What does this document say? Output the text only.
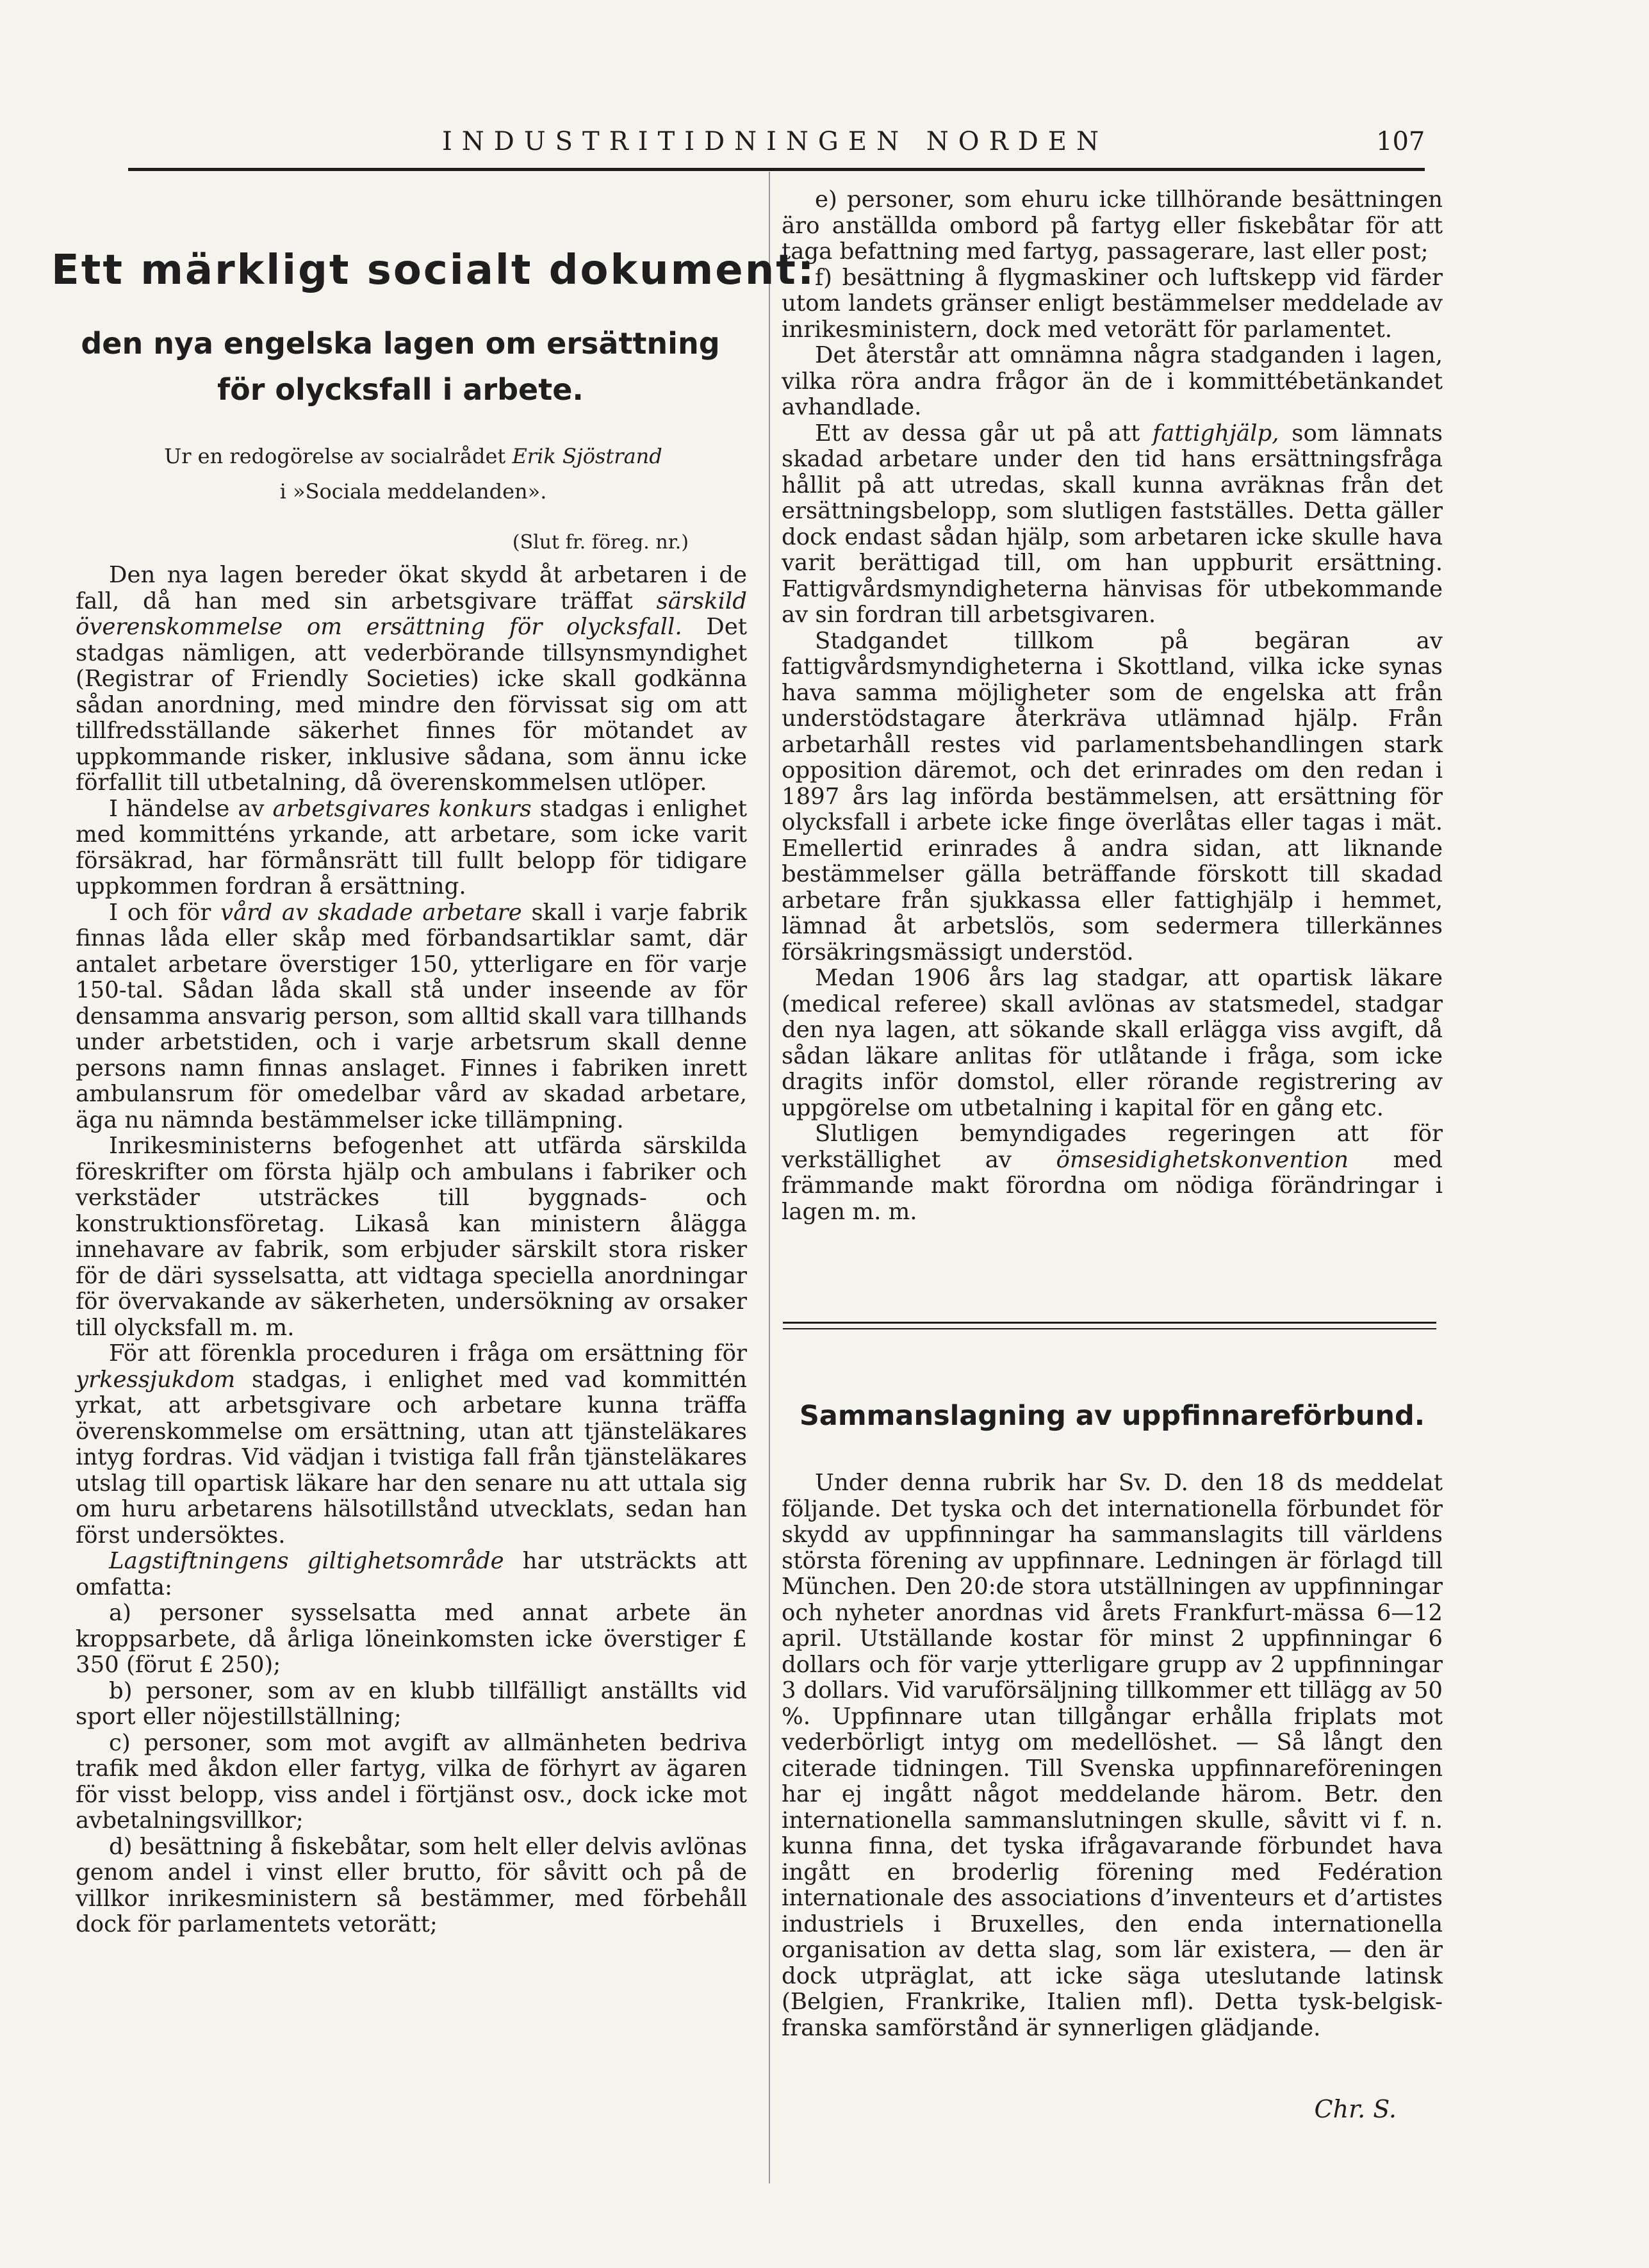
INDUSTRITIDNINGEN NORDEN	107
Ett märkligt socialt dokument:
den nya engelska lagen om ersättning
för olycksfall i arbete.
Ur en redogörelse av socialrådet Erik Sjöstrand
i »Sociala meddelanden».
(Slut fr. föreg. nr.)

Den nya lagen bereder ökat skydd åt arbetaren i de fall, då han med sin arbetsgivare träffat särskild överenskommelse om ersättning för olycksfall. Det stadgas nämligen, att vederbörande tillsynsmyndighet (Registrar of Friendly Societies) icke skall godkänna sådan anordning, med mindre den förvissat sig om att tillfredsställande säkerhet finnes för mötandet av uppkommande risker, inklusive sådana, som ännu icke förfallit till utbetalning, då överenskommelsen utlöper.

I händelse av arbetsgivares konkurs stadgas i enlighet med kommitténs yrkande, att arbetare, som icke varit försäkrad, har förmånsrätt till fullt belopp för tidigare uppkommen fordran å ersättning.

I och för vård av skadade arbetare skall i varje fabrik finnas låda eller skåp med förbandsartiklar samt, där antalet arbetare överstiger 150, ytterligare en för varje 150-tal. Sådan låda skall stå under inseende av för densamma ansvarig person, som alltid skall vara tillhands under arbetstiden, och i varje arbetsrum skall denne persons namn finnas anslaget. Finnes i fabriken inrett ambulansrum för omedelbar vård av skadad arbetare, äga nu nämnda bestämmelser icke tillämpning.

Inrikesministerns befogenhet att utfärda särskilda föreskrifter om första hjälp och ambulans i fabriker och verkstäder utsträckes till byggnads- och konstruktionsföretag. Likaså kan ministern ålägga innehavare av fabrik, som erbjuder särskilt stora risker för de däri sysselsatta, att vidtaga speciella anordningar för övervakande av säkerheten, undersökning av orsaker till olycksfall m. m.

För att förenkla proceduren i fråga om ersättning för yrkessjukdom stadgas, i enlighet med vad kommittén yrkat, att arbetsgivare och arbetare kunna träffa överenskommelse om ersättning, utan att tjänsteläkares intyg fordras. Vid vädjan i tvistiga fall från tjänsteläkares utslag till opartisk läkare har den senare nu att uttala sig om huru arbetarens hälsotillstånd utvecklats, sedan han först undersöktes.

Lagstiftningens giltighetsområde har utsträckts att omfatta:

a) personer sysselsatta med annat arbete än kroppsarbete, då årliga löneinkomsten icke överstiger £ 350 (förut £ 250);

b) personer, som av en klubb tillfälligt anställts vid sport eller nöjestillställning;

c) personer, som mot avgift av allmänheten bedriva trafik med åkdon eller fartyg, vilka de förhyrt av ägaren för visst belopp, viss andel i förtjänst osv., dock icke mot avbetalningsvillkor;

d) besättning å fiskebåtar, som helt eller delvis avlönas genom andel i vinst eller brutto, för såvitt och på de villkor inrikesministern så bestämmer, med förbehåll dock för parlamentets vetorätt;

e) personer, som ehuru icke tillhörande besättningen äro anställda ombord på fartyg eller fiskebåtar för att taga befattning med fartyg, passagerare, last eller post;

f) besättning å flygmaskiner och luftskepp vid färder utom landets gränser enligt bestämmelser meddelade av inrikesministern, dock med vetorätt för parlamentet.

Det återstår att omnämna några stadganden i lagen, vilka röra andra frågor än de i kommittébetänkandet avhandlade.

Ett av dessa går ut på att fattighjälp, som lämnats skadad arbetare under den tid hans ersättningsfråga hållit på att utredas, skall kunna avräknas från det ersättningsbelopp, som slutligen fastställes. Detta gäller dock endast sådan hjälp, som arbetaren icke skulle hava varit berättigad till, om han uppburit ersättning. Fattigvårdsmyndigheterna hänvisas för utbekommande av sin fordran till arbetsgivaren.

Stadgandet tillkom på begäran av fattigvårdsmyndigheterna i Skottland, vilka icke synas hava samma möjligheter som de engelska att från understödstagare återkräva utlämnad hjälp. Från arbetarhåll restes vid parlamentsbehandlingen stark opposition däremot, och det erinrades om den redan i 1897 års lag införda bestämmelsen, att ersättning för olycksfall i arbete icke finge överlåtas eller tagas i mät. Emellertid erinrades å andra sidan, att liknande bestämmelser gälla beträffande förskott till skadad arbetare från sjukkassa eller fattighjälp i hemmet, lämnad åt arbetslös, som sedermera tillerkännes försäkringsmässigt understöd.

Medan 1906 års lag stadgar, att opartisk läkare (medical referee) skall avlönas av statsmedel, stadgar den nya lagen, att sökande skall erlägga viss avgift, då sådan läkare anlitas för utlåtande i fråga, som icke dragits inför domstol, eller rörande registrering av uppgörelse om utbetalning i kapital för en gång etc.

Slutligen bemyndigades regeringen att för verkställighet av ömsesidighetskonvention med främmande makt förordna om nödiga förändringar i lagen m. m.

Sammanslagning av uppfinnareförbund.

Under denna rubrik har Sv. D. den 18 ds meddelat följande. Det tyska och det internationella förbundet för skydd av uppfinningar ha sammanslagits till världens största förening av uppfinnare. Ledningen är förlagd till München. Den 20:de stora utställningen av uppfinningar och nyheter anordnas vid årets Frankfurt-mässa 6—12 april. Utställande kostar för minst 2 uppfinningar 6 dollars och för varje ytterligare grupp av 2 uppfinningar 3 dollars. Vid varuförsäljning tillkommer ett tillägg av 50 %. Uppfinnare utan tillgångar erhålla friplats mot vederbörligt intyg om medellöshet. — Så långt den citerade tidningen. Till Svenska uppfinnareföreningen har ej ingått något meddelande härom. Betr. den internationella sammanslutningen skulle, såvitt vi f. n. kunna finna, det tyska ifrågavarande förbundet hava ingått en broderlig förening med Fedération internationale des associations d’inventeurs et d’artistes industriels i Bruxelles, den enda internationella organisation av detta slag, som lär existera, — den är dock utpräglat, att icke säga uteslutande latinsk (Belgien, Frankrike, Italien mfl). Detta tysk-belgisk-franska samförstånd är synnerligen glädjande.

Chr. S.
